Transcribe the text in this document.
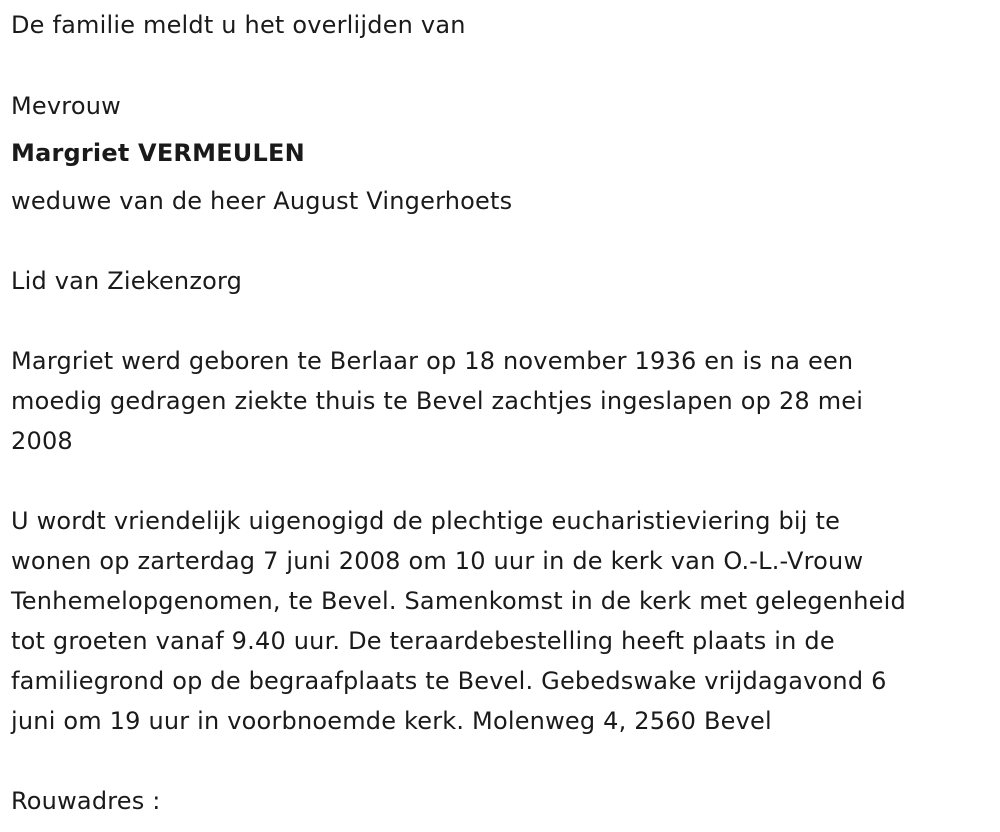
De familie meldt u het overlijden van
Mevrouw
Margriet VERMEULEN
weduwe van de heer August Vingerhoets
Lid van Ziekenzorg
Margriet werd geboren te Berlaar op 18 november 1936 en is na een
moedig gedragen ziekte thuis te Bevel zachtjes ingeslapen op 28 mei
2008
U wordt vriendelijk uigenogigd de plechtige eucharistieviering bij te
wonen op zarterdag 7 juni 2008 om 10 uur in de kerk van O.-L.-Vrouw
Tenhemelopgenomen, te Bevel. Samenkomst in de kerk met gelegenheid
tot groeten vanaf 9.40 uur. De teraardebestelling heeft plaats in de
familiegrond op de begraafplaats te Bevel. Gebedswake vrijdagavond 6
juni om 19 uur in voorbnoemde kerk. Molenweg 4, 2560 Bevel
Rouwadres :
